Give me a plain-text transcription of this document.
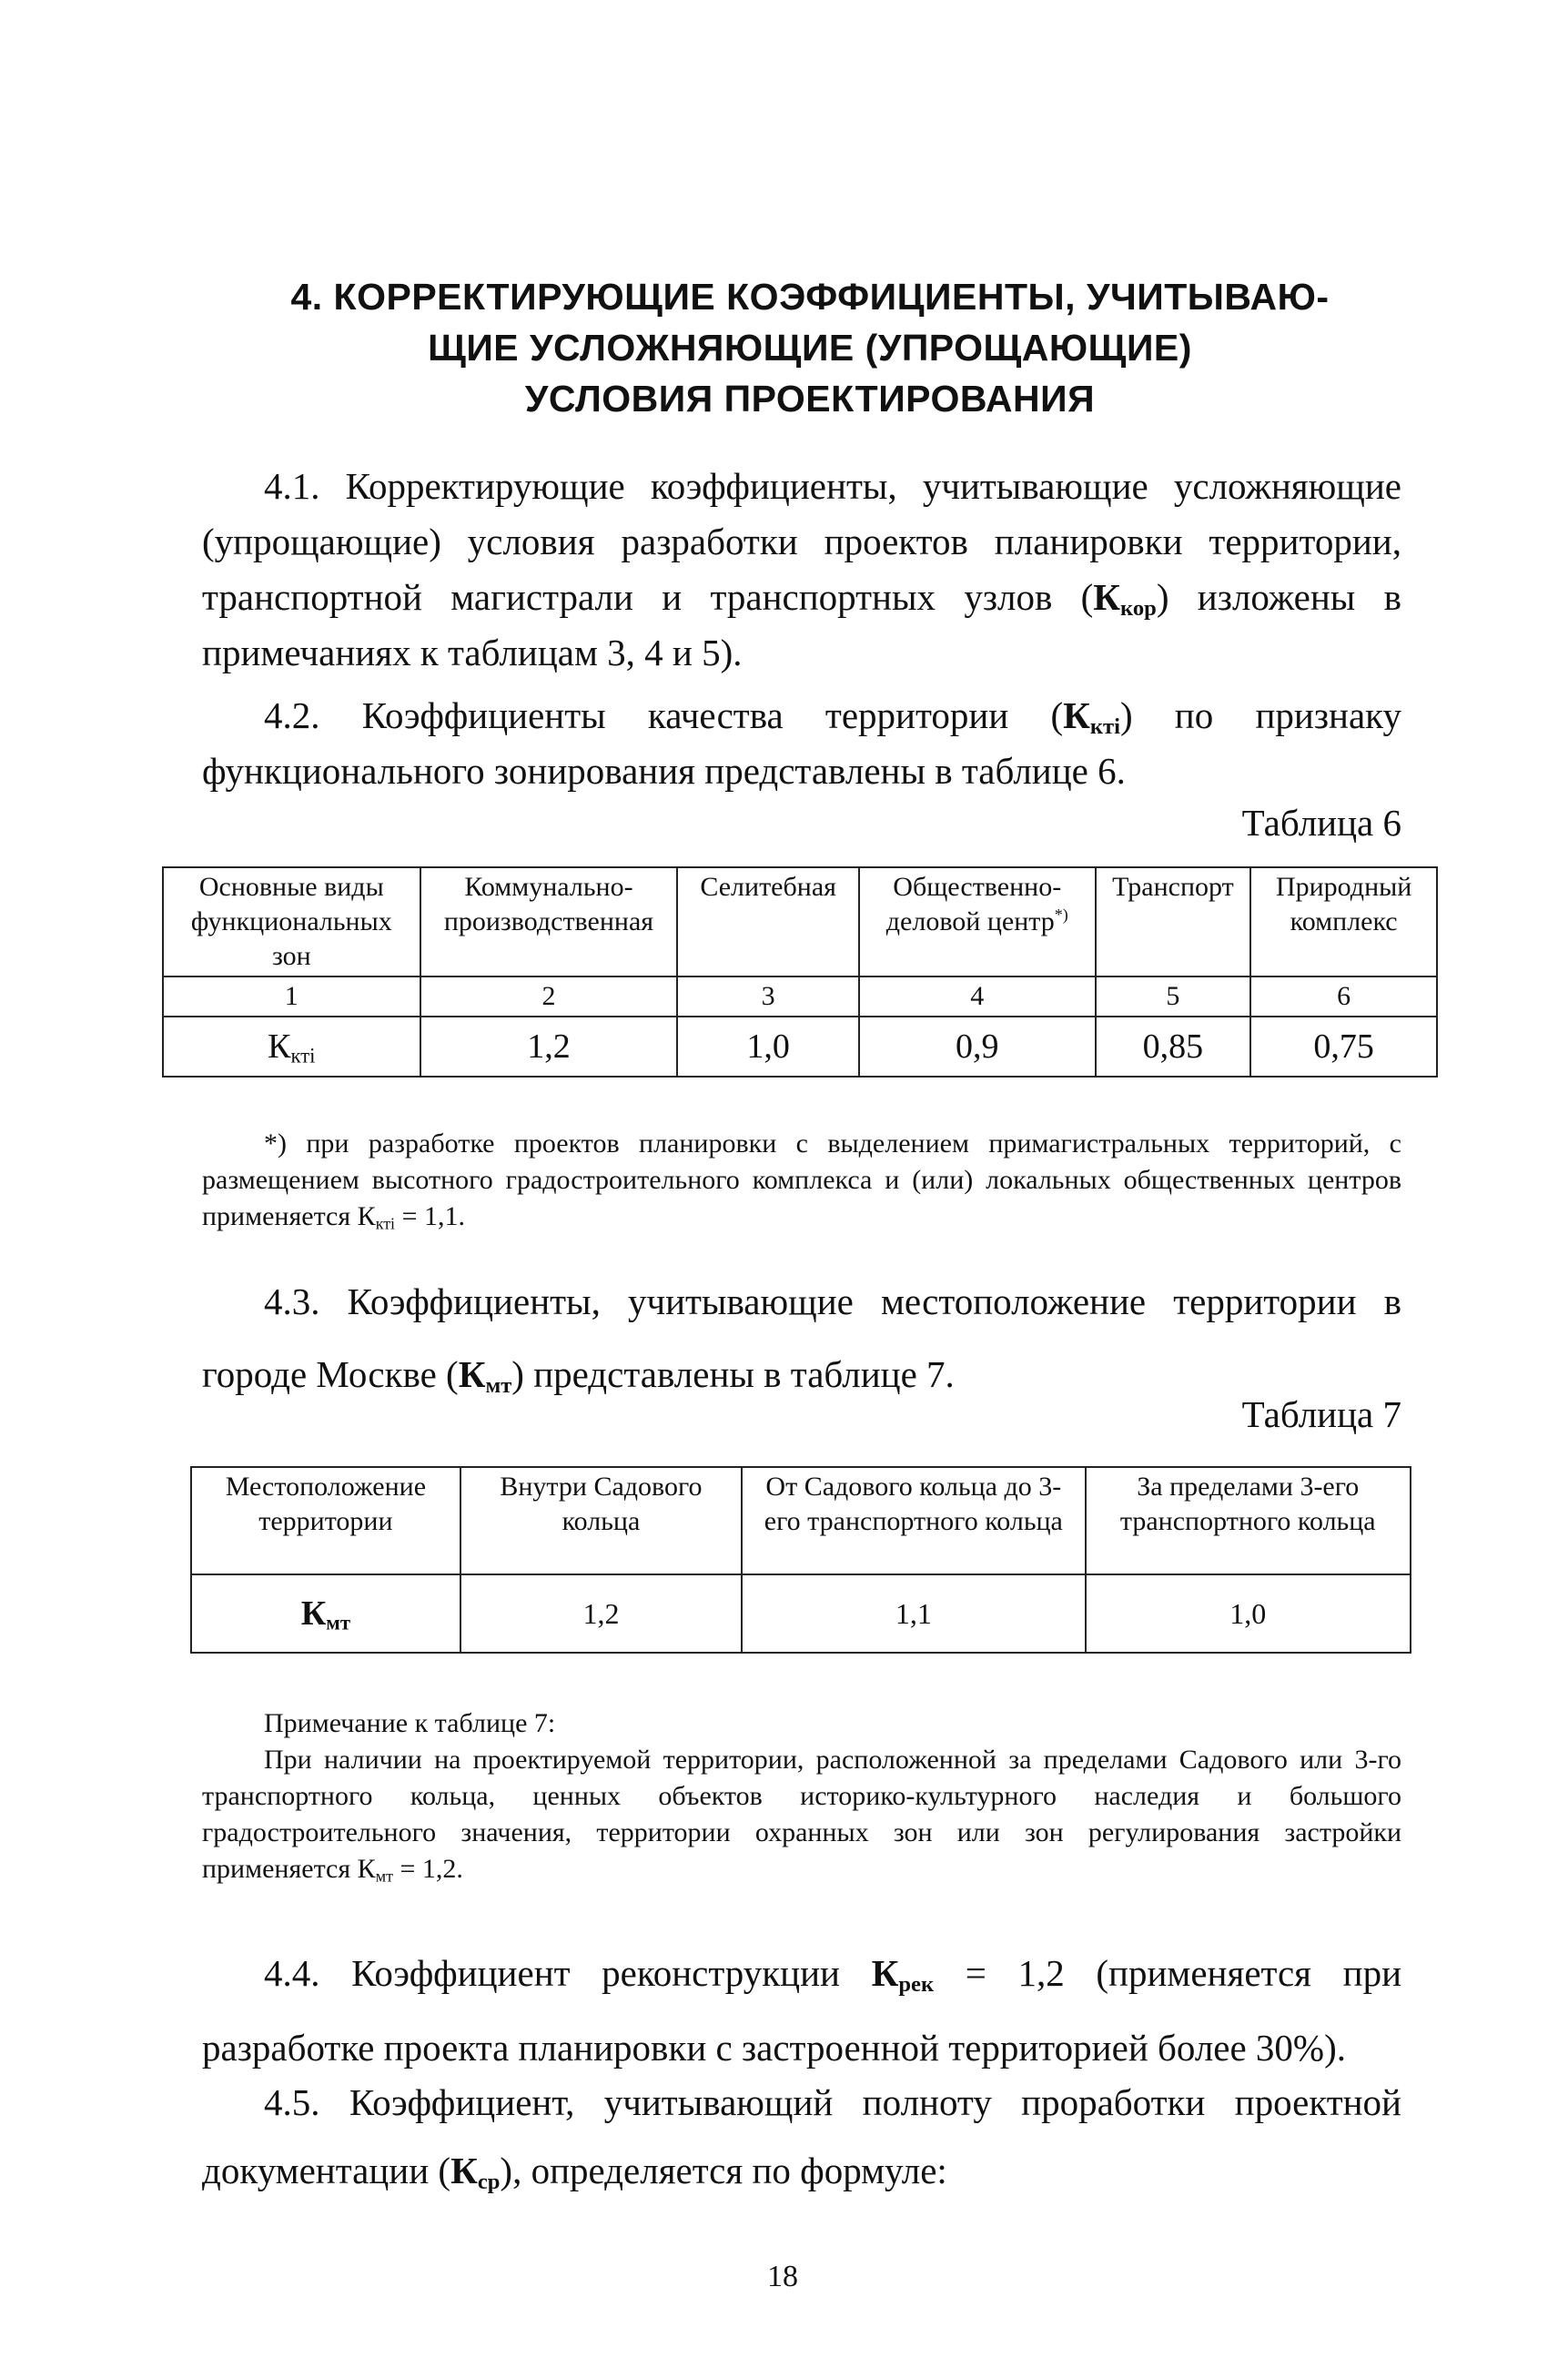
4. КОРРЕКТИРУЮЩИЕ КОЭФФИЦИЕНТЫ, УЧИТЫВАЮ-
ЩИЕ УСЛОЖНЯЮЩИЕ (УПРОЩАЮЩИЕ)
УСЛОВИЯ ПРОЕКТИРОВАНИЯ
4.1. Корректирующие коэффициенты, учитывающие усложняющие (упрощающие) условия разработки проектов планировки территории, транспортной магистрали и транспортных узлов $(К_{кор})$ изложены в примечаниях к таблицам 3, 4 и 5).
4.2. Коэффициенты качества территории $(К_{ктi})$ по признаку функционального зонирования представлены в таблице 6.
Таблица 6
Основные виды функциональных зон	Коммунально-производственная	Селитебная	Общественно-деловой центр*)	Транспорт	Природный комплекс
1	2	3	4	5	6
$К_{ктi}$	1,2	1,0	0,9	0,85	0,75
*) при разработке проектов планировки с выделением примагистральных территорий, с размещением высотного градостроительного комплекса и (или) локальных общественных центров применяется $К_{ктi} = 1,1$.
4.3. Коэффициенты, учитывающие местоположение территории в городе Москве $(К_{мт})$ представлены в таблице 7.
Таблица 7
Местоположение территории	Внутри Садового кольца	От Садового кольца до 3-его транспортного кольца	За пределами 3-его транспортного кольца
$К_{мт}$	1,2	1,1	1,0
Примечание к таблице 7:
При наличии на проектируемой территории, расположенной за пределами Садового или 3-го транспортного кольца, ценных объектов историко-культурного наследия и большого градостроительного значения, территории охранных зон или зон регулирования застройки применяется $К_{мт} = 1,2$.
4.4. Коэффициент реконструкции $К_{рек} = 1,2$ (применяется при разработке проекта планировки с застроенной территорией более 30%).
4.5. Коэффициент, учитывающий полноту проработки проектной документации $(К_{ср})$, определяется по формуле:
18
